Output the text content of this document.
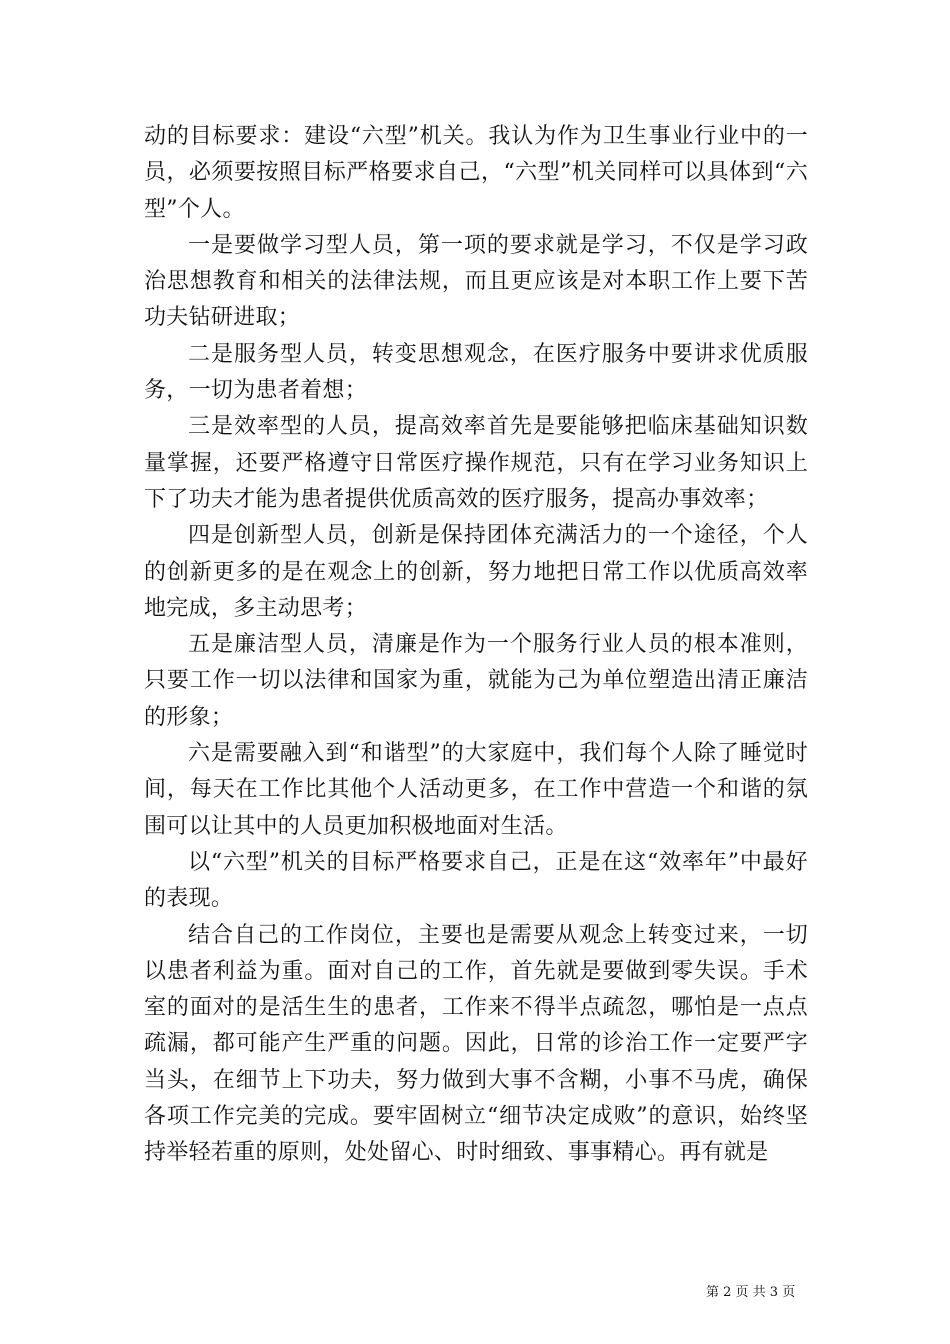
动的目标要求：建设“六型”机关。我认为作为卫生事业行业中的一员，必须要按照目标严格要求自己，“六型”机关同样可以具体到“六型”个人。

一是要做学习型人员，第一项的要求就是学习，不仅是学习政治思想教育和相关的法律法规，而且更应该是对本职工作上要下苦功夫钻研进取；

二是服务型人员，转变思想观念，在医疗服务中要讲求优质服务，一切为患者着想；

三是效率型的人员，提高效率首先是要能够把临床基础知识数量掌握，还要严格遵守日常医疗操作规范，只有在学习业务知识上下了功夫才能为患者提供优质高效的医疗服务，提高办事效率；

四是创新型人员，创新是保持团体充满活力的一个途径，个人的创新更多的是在观念上的创新，努力地把日常工作以优质高效率地完成，多主动思考；

五是廉洁型人员，清廉是作为一个服务行业人员的根本准则，只要工作一切以法律和国家为重，就能为己为单位塑造出清正廉洁的形象；

六是需要融入到“和谐型”的大家庭中，我们每个人除了睡觉时间，每天在工作比其他个人活动更多，在工作中营造一个和谐的氛围可以让其中的人员更加积极地面对生活。

以“六型”机关的目标严格要求自己，正是在这“效率年”中最好的表现。

结合自己的工作岗位，主要也是需要从观念上转变过来，一切以患者利益为重。面对自己的工作，首先就是要做到零失误。手术室的面对的是活生生的患者，工作来不得半点疏忽，哪怕是一点点疏漏，都可能产生严重的问题。因此，日常的诊治工作一定要严字当头，在细节上下功夫，努力做到大事不含糊，小事不马虎，确保各项工作完美的完成。要牢固树立“细节决定成败”的意识，始终坚持举轻若重的原则，处处留心、时时细致、事事精心。再有就是

第 2 页 共 3 页
